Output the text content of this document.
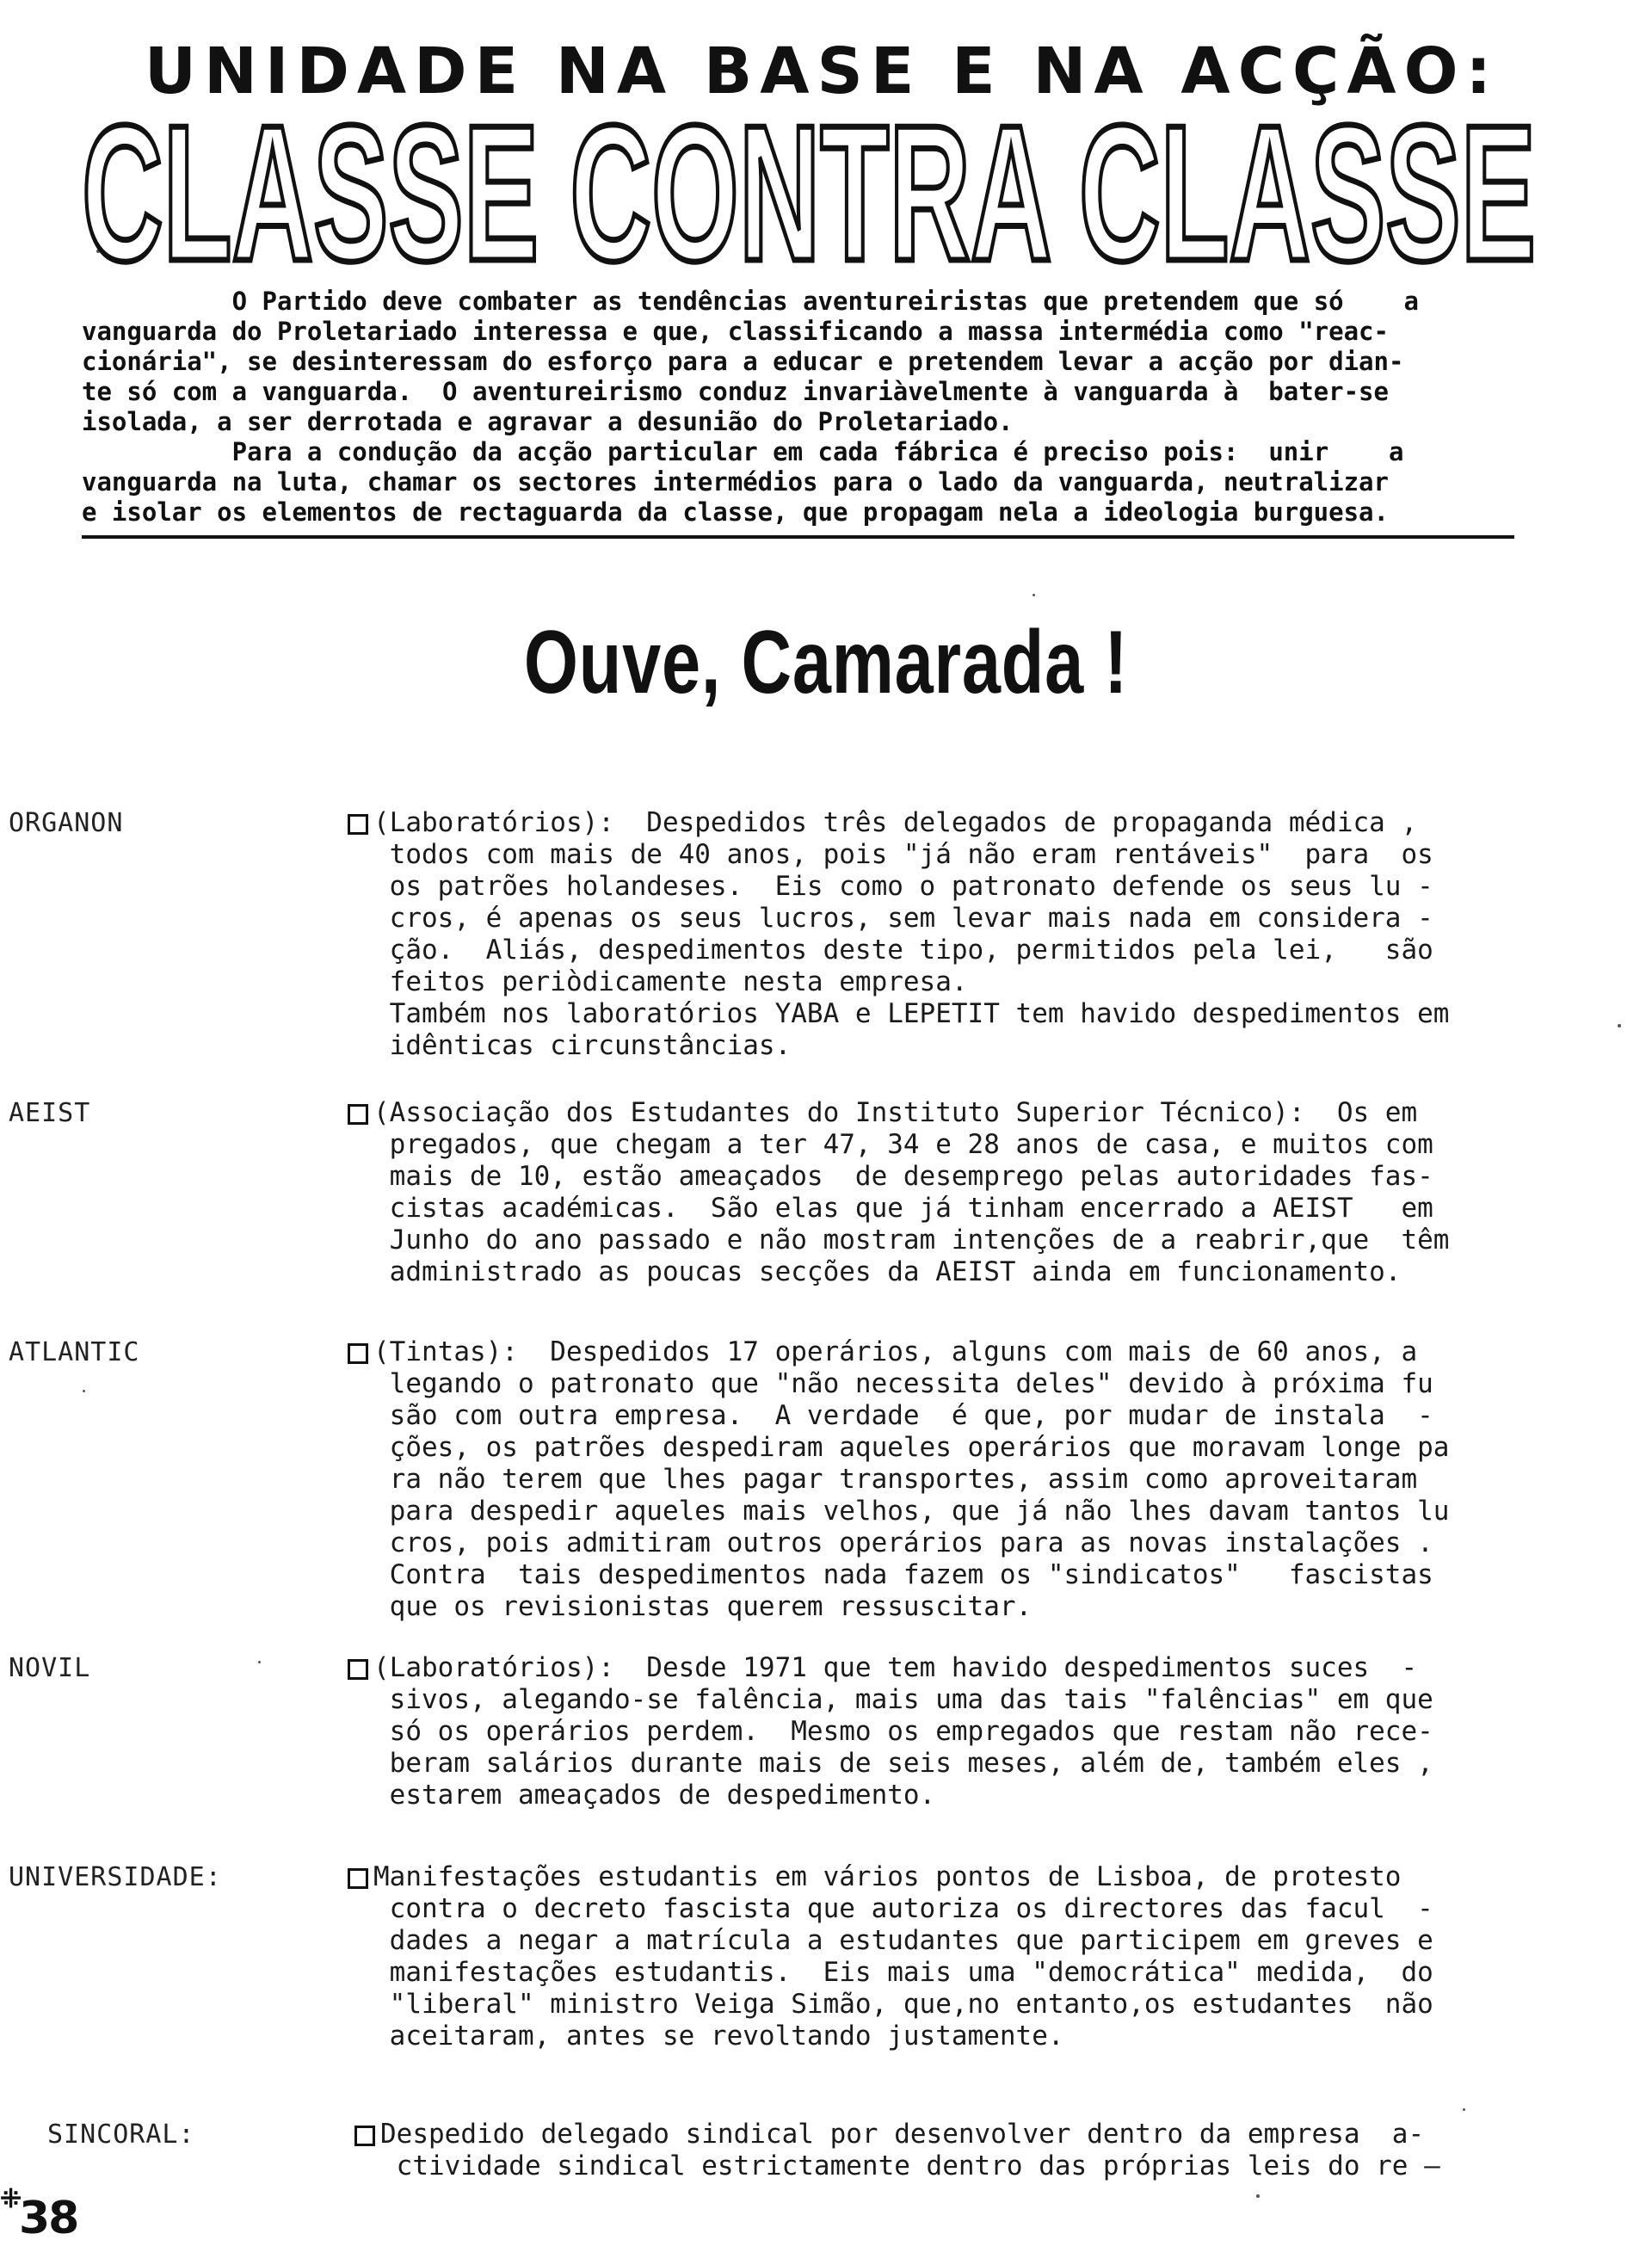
UNIDADE NA BASE E NA ACÇÃO:
CLASSE CONTRA CLASSE

O Partido deve combater as tendências aventureiristas que pretendem que só    a
vanguarda do Proletariado interessa e que, classificando a massa intermédia como "reac-
cionária", se desinteressam do esforço para a educar e pretendem levar a acção por dian-
te só com a vanguarda.  O aventureirismo conduz invariàvelmente à vanguarda à  bater-se
isolada, a ser derrotada e agravar a desunião do Proletariado.

Para a condução da acção particular em cada fábrica é preciso pois:  unir    a
vanguarda na luta, chamar os sectores intermédios para o lado da vanguarda, neutralizar
e isolar os elementos de rectaguarda da classe, que propagam nela a ideologia burguesa.

Ouve, Camarada !
ORGANON	(Laboratórios):  Despedidos três delegados de propaganda médica ,
todos com mais de 40 anos, pois "já não eram rentáveis"  para  os
os patrões holandeses.  Eis como o patronato defende os seus lu -
cros, é apenas os seus lucros, sem levar mais nada em considera -
ção.  Aliás, despedimentos deste tipo, permitidos pela lei,   são
feitos periòdicamente nesta empresa.
Também nos laboratórios YABA e LEPETIT tem havido despedimentos em
idênticas circunstâncias.
AEIST	(Associação dos Estudantes do Instituto Superior Técnico):  Os em
pregados, que chegam a ter 47, 34 e 28 anos de casa, e muitos com
mais de 10, estão ameaçados  de desemprego pelas autoridades fas-
cistas académicas.  São elas que já tinham encerrado a AEIST   em
Junho do ano passado e não mostram intenções de a reabrir,que  têm
administrado as poucas secções da AEIST ainda em funcionamento.
ATLANTIC	(Tintas):  Despedidos 17 operários, alguns com mais de 60 anos, a
legando o patronato que "não necessita deles" devido à próxima fu
são com outra empresa.  A verdade  é que, por mudar de instala  -
ções, os patrões despediram aqueles operários que moravam longe pa
ra não terem que lhes pagar transportes, assim como aproveitaram
para despedir aqueles mais velhos, que já não lhes davam tantos lu
cros, pois admitiram outros operários para as novas instalações .
Contra  tais despedimentos nada fazem os "sindicatos"   fascistas
que os revisionistas querem ressuscitar.
NOVIL	(Laboratórios):  Desde 1971 que tem havido despedimentos suces  -
sivos, alegando-se falência, mais uma das tais "falências" em que
só os operários perdem.  Mesmo os empregados que restam não rece-
beram salários durante mais de seis meses, além de, também eles ,
estarem ameaçados de despedimento.
UNIVERSIDADE:	Manifestações estudantis em vários pontos de Lisboa, de protesto
contra o decreto fascista que autoriza os directores das facul  -
dades a negar a matrícula a estudantes que participem em greves e
manifestações estudantis.  Eis mais uma "democrática" medida,  do
"liberal" ministro Veiga Simão, que,no entanto,os estudantes  não
aceitaram, antes se revoltando justamente.
SINCORAL:	Despedido delegado sindical por desenvolver dentro da empresa  a-
ctividade sindical estrictamente dentro das próprias leis do re —
⁜
38
